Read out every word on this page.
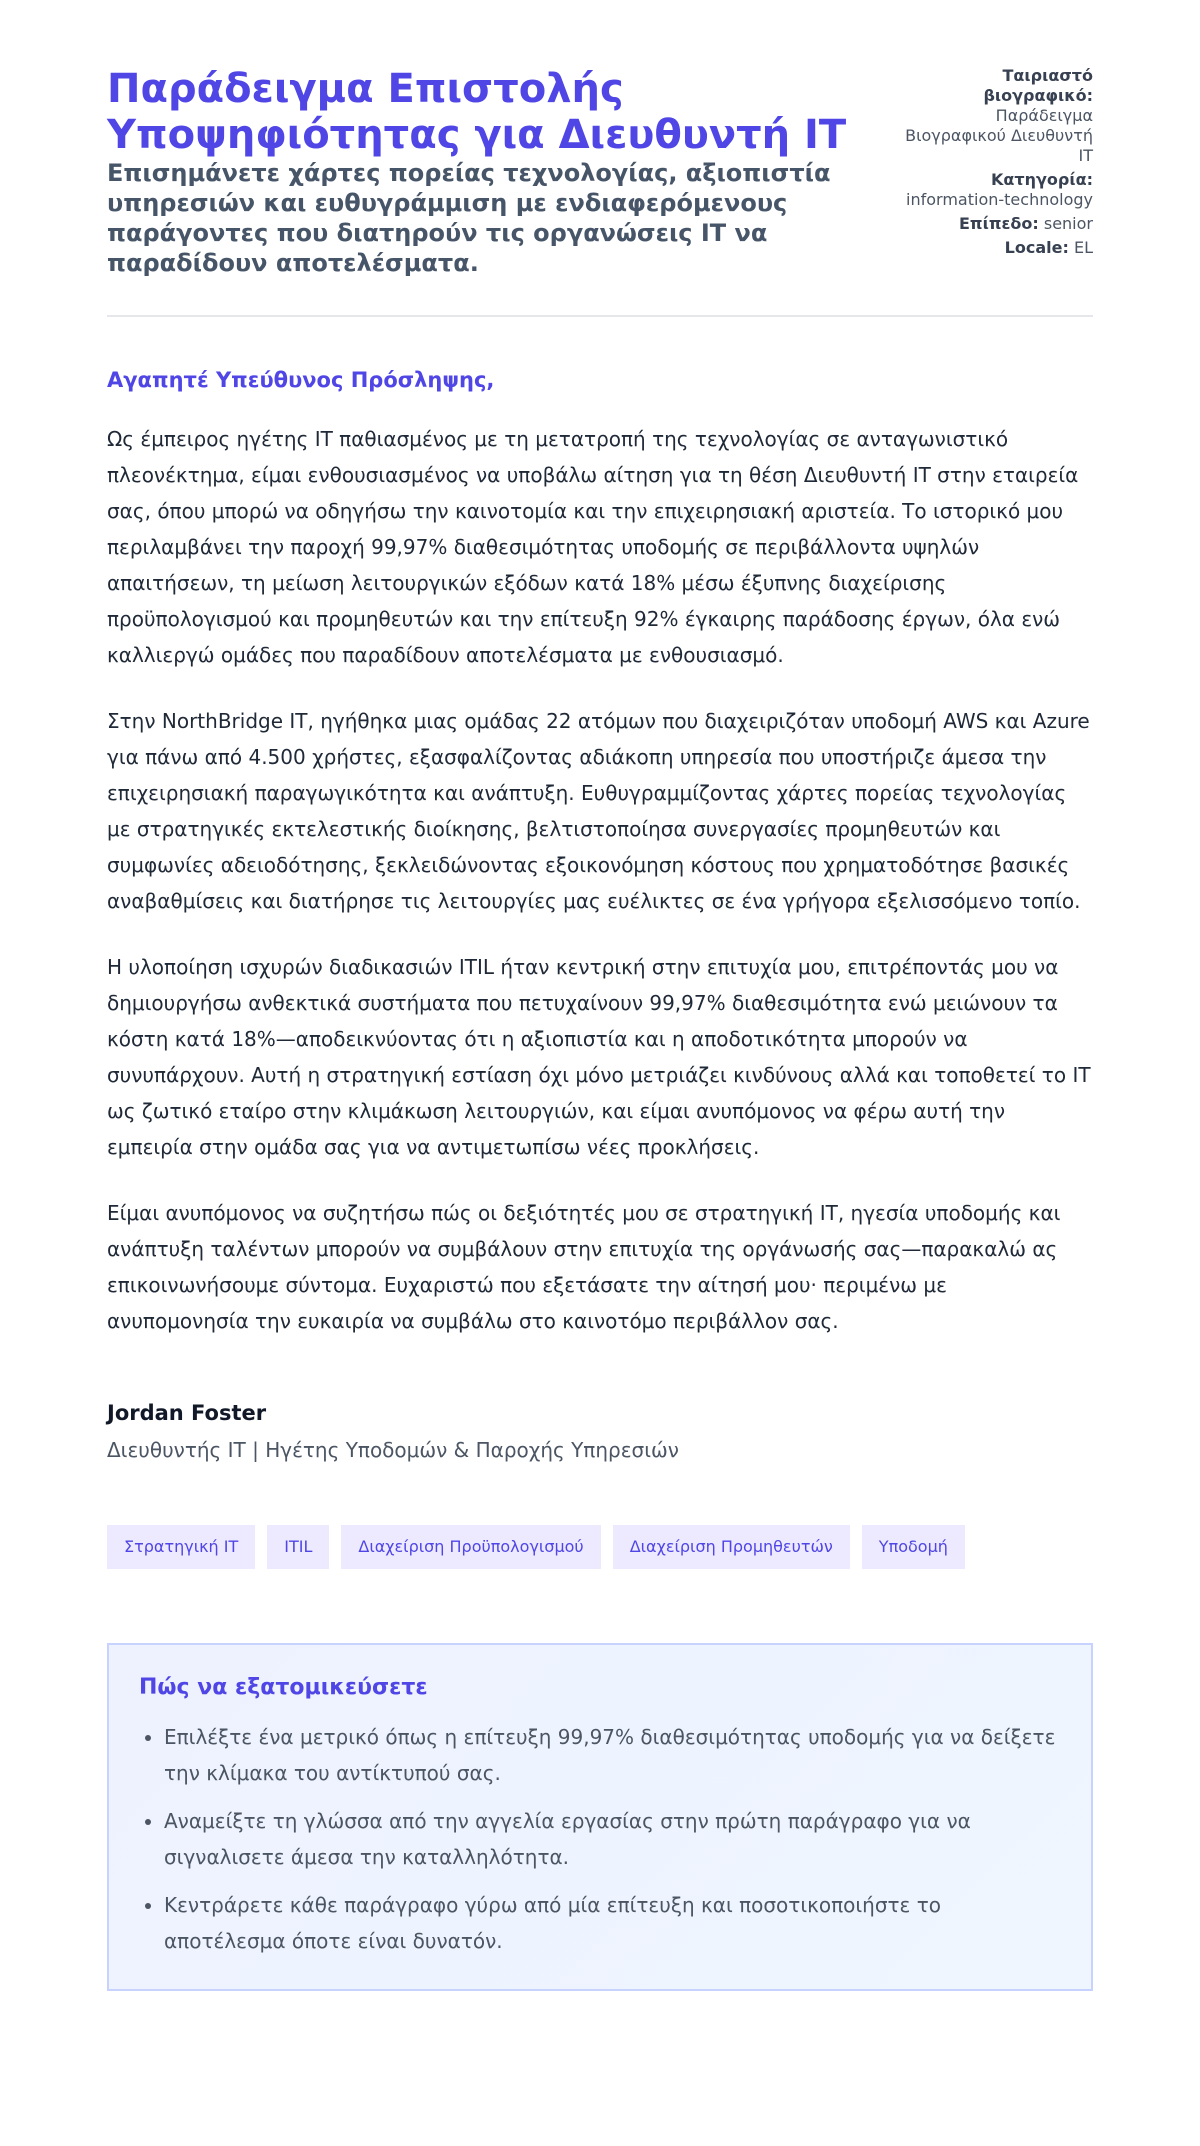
Παράδειγμα Επιστολής Υποψηφιότητας για Διευθυντή IT

Επισημάνετε χάρτες πορείας τεχνολογίας, αξιοπιστία υπηρεσιών και ευθυγράμμιση με ενδιαφερόμενους παράγοντες που διατηρούν τις οργανώσεις IT να παραδίδουν αποτελέσματα.

Ταιριαστό βιογραφικό:
Παράδειγμα Βιογραφικού Διευθυντή IT
Κατηγορία:
information-technology
Επίπεδο: senior
Locale: EL

Αγαπητέ Υπεύθυνος Πρόσληψης,

Ως έμπειρος ηγέτης IT παθιασμένος με τη μετατροπή της τεχνολογίας σε ανταγωνιστικό πλεονέκτημα, είμαι ενθουσιασμένος να υποβάλω αίτηση για τη θέση Διευθυντή IT στην εταιρεία σας, όπου μπορώ να οδηγήσω την καινοτομία και την επιχειρησιακή αριστεία. Το ιστορικό μου περιλαμβάνει την παροχή 99,97% διαθεσιμότητας υποδομής σε περιβάλλοντα υψηλών απαιτήσεων, τη μείωση λειτουργικών εξόδων κατά 18% μέσω έξυπνης διαχείρισης προϋπολογισμού και προμηθευτών και την επίτευξη 92% έγκαιρης παράδοσης έργων, όλα ενώ καλλιεργώ ομάδες που παραδίδουν αποτελέσματα με ενθουσιασμό.

Στην NorthBridge IT, ηγήθηκα μιας ομάδας 22 ατόμων που διαχειριζόταν υποδομή AWS και Azure για πάνω από 4.500 χρήστες, εξασφαλίζοντας αδιάκοπη υπηρεσία που υποστήριζε άμεσα την επιχειρησιακή παραγωγικότητα και ανάπτυξη. Ευθυγραμμίζοντας χάρτες πορείας τεχνολογίας με στρατηγικές εκτελεστικής διοίκησης, βελτιστοποίησα συνεργασίες προμηθευτών και συμφωνίες αδειοδότησης, ξεκλειδώνοντας εξοικονόμηση κόστους που χρηματοδότησε βασικές αναβαθμίσεις και διατήρησε τις λειτουργίες μας ευέλικτες σε ένα γρήγορα εξελισσόμενο τοπίο.

Η υλοποίηση ισχυρών διαδικασιών ITIL ήταν κεντρική στην επιτυχία μου, επιτρέποντάς μου να δημιουργήσω ανθεκτικά συστήματα που πετυχαίνουν 99,97% διαθεσιμότητα ενώ μειώνουν τα κόστη κατά 18%—αποδεικνύοντας ότι η αξιοπιστία και η αποδοτικότητα μπορούν να συνυπάρχουν. Αυτή η στρατηγική εστίαση όχι μόνο μετριάζει κινδύνους αλλά και τοποθετεί το IT ως ζωτικό εταίρο στην κλιμάκωση λειτουργιών, και είμαι ανυπόμονος να φέρω αυτή την εμπειρία στην ομάδα σας για να αντιμετωπίσω νέες προκλήσεις.

Είμαι ανυπόμονος να συζητήσω πώς οι δεξιότητές μου σε στρατηγική IT, ηγεσία υποδομής και ανάπτυξη ταλέντων μπορούν να συμβάλουν στην επιτυχία της οργάνωσής σας—παρακαλώ ας επικοινωνήσουμε σύντομα. Ευχαριστώ που εξετάσατε την αίτησή μου· περιμένω με ανυπομονησία την ευκαιρία να συμβάλω στο καινοτόμο περιβάλλον σας.

Jordan Foster
Διευθυντής IT | Ηγέτης Υποδομών & Παροχής Υπηρεσιών
Στρατηγική IT	ITIL	Διαχείριση Προϋπολογισμού	Διαχείριση Προμηθευτών	Υποδομή
Πώς να εξατομικεύσετε
• Επιλέξτε ένα μετρικό όπως η επίτευξη 99,97% διαθεσιμότητας υποδομής για να δείξετε την κλίμακα του αντίκτυπού σας.
• Αναμείξτε τη γλώσσα από την αγγελία εργασίας στην πρώτη παράγραφο για να σιγναλισετε άμεσα την καταλληλότητα.
• Κεντράρετε κάθε παράγραφο γύρω από μία επίτευξη και ποσοτικοποιήστε το αποτέλεσμα όποτε είναι δυνατόν.
